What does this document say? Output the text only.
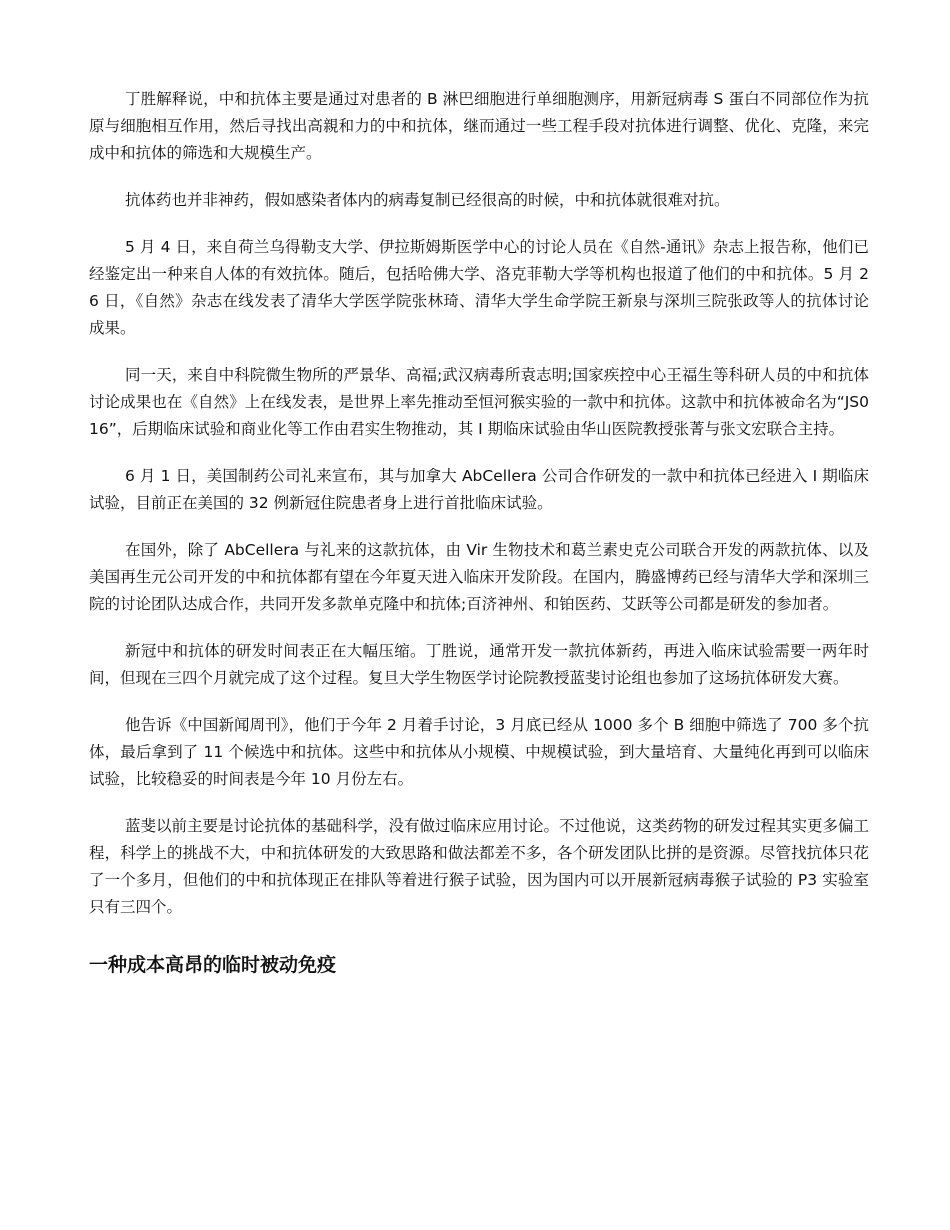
丁胜解释说，中和抗体主要是通过对患者的 B 淋巴细胞进行单细胞测序，用新冠病毒 S 蛋白不同部位作为抗原与细胞相互作用，然后寻找出高親和力的中和抗体，继而通过一些工程手段对抗体进行调整、优化、克隆，来完成中和抗体的筛选和大规模生产。

抗体药也并非神药，假如感染者体内的病毒复制已经很高的时候，中和抗体就很难对抗。

5 月 4 日，来自荷兰乌得勒支大学、伊拉斯姆斯医学中心的讨论人员在《自然-通讯》杂志上报告称，他们已经鉴定出一种来自人体的有效抗体。随后，包括哈佛大学、洛克菲勒大学等机构也报道了他们的中和抗体。5 月 26 日，《自然》杂志在线发表了清华大学医学院张林琦、清华大学生命学院王新泉与深圳三院张政等人的抗体讨论成果。

同一天，来自中科院微生物所的严景华、高福;武汉病毒所袁志明;国家疾控中心王福生等科研人员的中和抗体讨论成果也在《自然》上在线发表，是世界上率先推动至恒河猴实验的一款中和抗体。这款中和抗体被命名为“JS016”，后期临床试验和商业化等工作由君实生物推动，其 I 期临床试验由华山医院教授张菁与张文宏联合主持。

6 月 1 日，美国制药公司礼来宣布，其与加拿大 AbCellera 公司合作研发的一款中和抗体已经进入 I 期临床试验，目前正在美国的 32 例新冠住院患者身上进行首批临床试验。

在国外，除了 AbCellera 与礼来的这款抗体，由 Vir 生物技术和葛兰素史克公司联合开发的两款抗体、以及美国再生元公司开发的中和抗体都有望在今年夏天进入临床开发阶段。在国内，腾盛博药已经与清华大学和深圳三院的讨论团队达成合作，共同开发多款单克隆中和抗体;百济神州、和铂医药、艾跃等公司都是研发的参加者。

新冠中和抗体的研发时间表正在大幅压缩。丁胜说，通常开发一款抗体新药，再进入临床试验需要一两年时间，但现在三四个月就完成了这个过程。复旦大学生物医学讨论院教授蓝斐讨论组也参加了这场抗体研发大赛。

他告诉《中国新闻周刊》，他们于今年 2 月着手讨论，3 月底已经从 1000 多个 B 细胞中筛选了 700 多个抗体，最后拿到了 11 个候选中和抗体。这些中和抗体从小规模、中规模试验，到大量培育、大量纯化再到可以临床试验，比较稳妥的时间表是今年 10 月份左右。

蓝斐以前主要是讨论抗体的基础科学，没有做过临床应用讨论。不过他说，这类药物的研发过程其实更多偏工程，科学上的挑战不大，中和抗体研发的大致思路和做法都差不多，各个研发团队比拼的是资源。尽管找抗体只花了一个多月，但他们的中和抗体现正在排队等着进行猴子试验，因为国内可以开展新冠病毒猴子试验的 P3 实验室只有三四个。

一种成本高昂的临时被动免疫
